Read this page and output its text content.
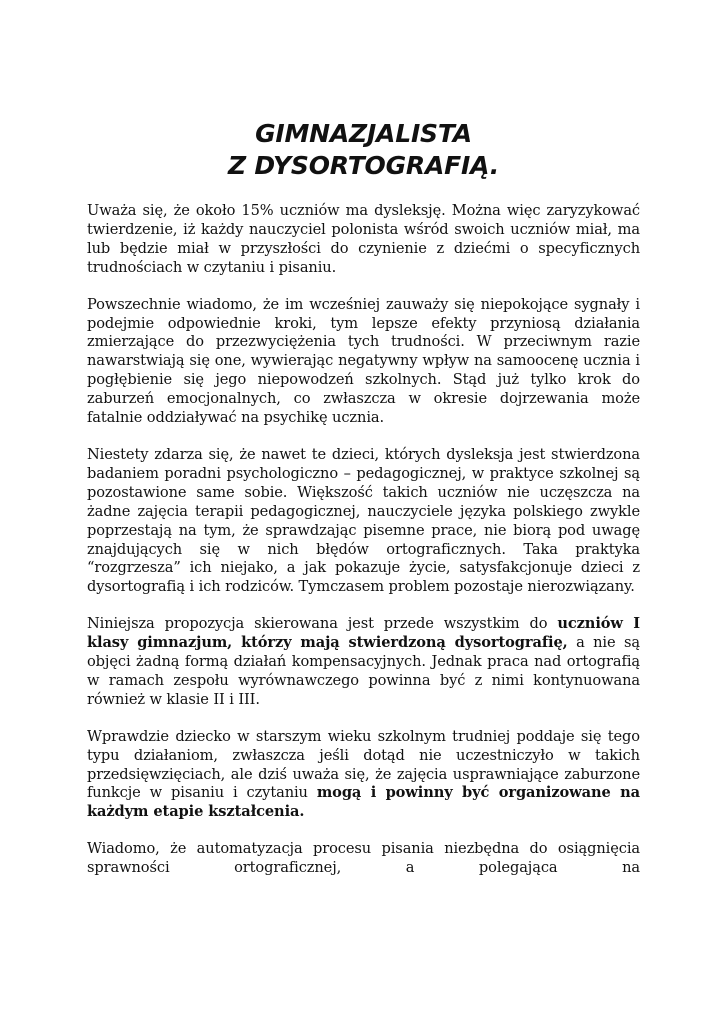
GIMNAZJALISTA
Z DYSORTOGRAFIĄ.

Uważa się, że około 15% uczniów ma dysleksję. Można więc zaryzykować twierdzenie, iż każdy nauczyciel polonista wśród swoich uczniów miał, ma lub będzie miał w przyszłości do czynienie z dziećmi o specyficznych trudnościach w czytaniu i pisaniu.

Powszechnie wiadomo, że im wcześniej zauważy się niepokojące sygnały i podejmie odpowiednie kroki, tym lepsze efekty przyniosą działania zmierzające do przezwyciężenia tych trudności. W przeciwnym razie nawarstwiają się one, wywierając negatywny wpływ na samoocenę ucznia i pogłębienie się jego niepowodzeń szkolnych. Stąd już tylko krok do zaburzeń emocjonalnych, co zwłaszcza w okresie dojrzewania może fatalnie oddziaływać na psychikę ucznia.

Niestety zdarza się, że nawet te dzieci, których dysleksja jest stwierdzona badaniem poradni psychologiczno – pedagogicznej, w praktyce szkolnej są pozostawione same sobie. Większość takich uczniów nie uczęszcza na żadne zajęcia terapii pedagogicznej, nauczyciele języka polskiego zwykle poprzestają na tym, że sprawdzając pisemne prace, nie biorą pod uwagę znajdujących się w nich błędów ortograficznych. Taka praktyka “rozgrzesza” ich niejako, a jak pokazuje życie, satysfakcjonuje dzieci z dysortografią i ich rodziców. Tymczasem problem pozostaje nierozwiązany.

Niniejsza propozycja skierowana jest przede wszystkim do uczniów I klasy gimnazjum, którzy mają stwierdzoną dysortografię, a nie są objęci żadną formą działań kompensacyjnych. Jednak praca nad ortografią w ramach zespołu wyrównawczego powinna być z nimi kontynuowana również w klasie II i III.

Wprawdzie dziecko w starszym wieku szkolnym trudniej poddaje się tego typu działaniom, zwłaszcza jeśli dotąd nie uczestniczyło w takich przedsięwzięciach, ale dziś uważa się, że zajęcia usprawniające zaburzone funkcje w pisaniu i czytaniu mogą i powinny być organizowane na każdym etapie kształcenia.

Wiadomo, że automatyzacja procesu pisania niezbędna do osiągnięcia sprawności ortograficznej, a polegająca na
